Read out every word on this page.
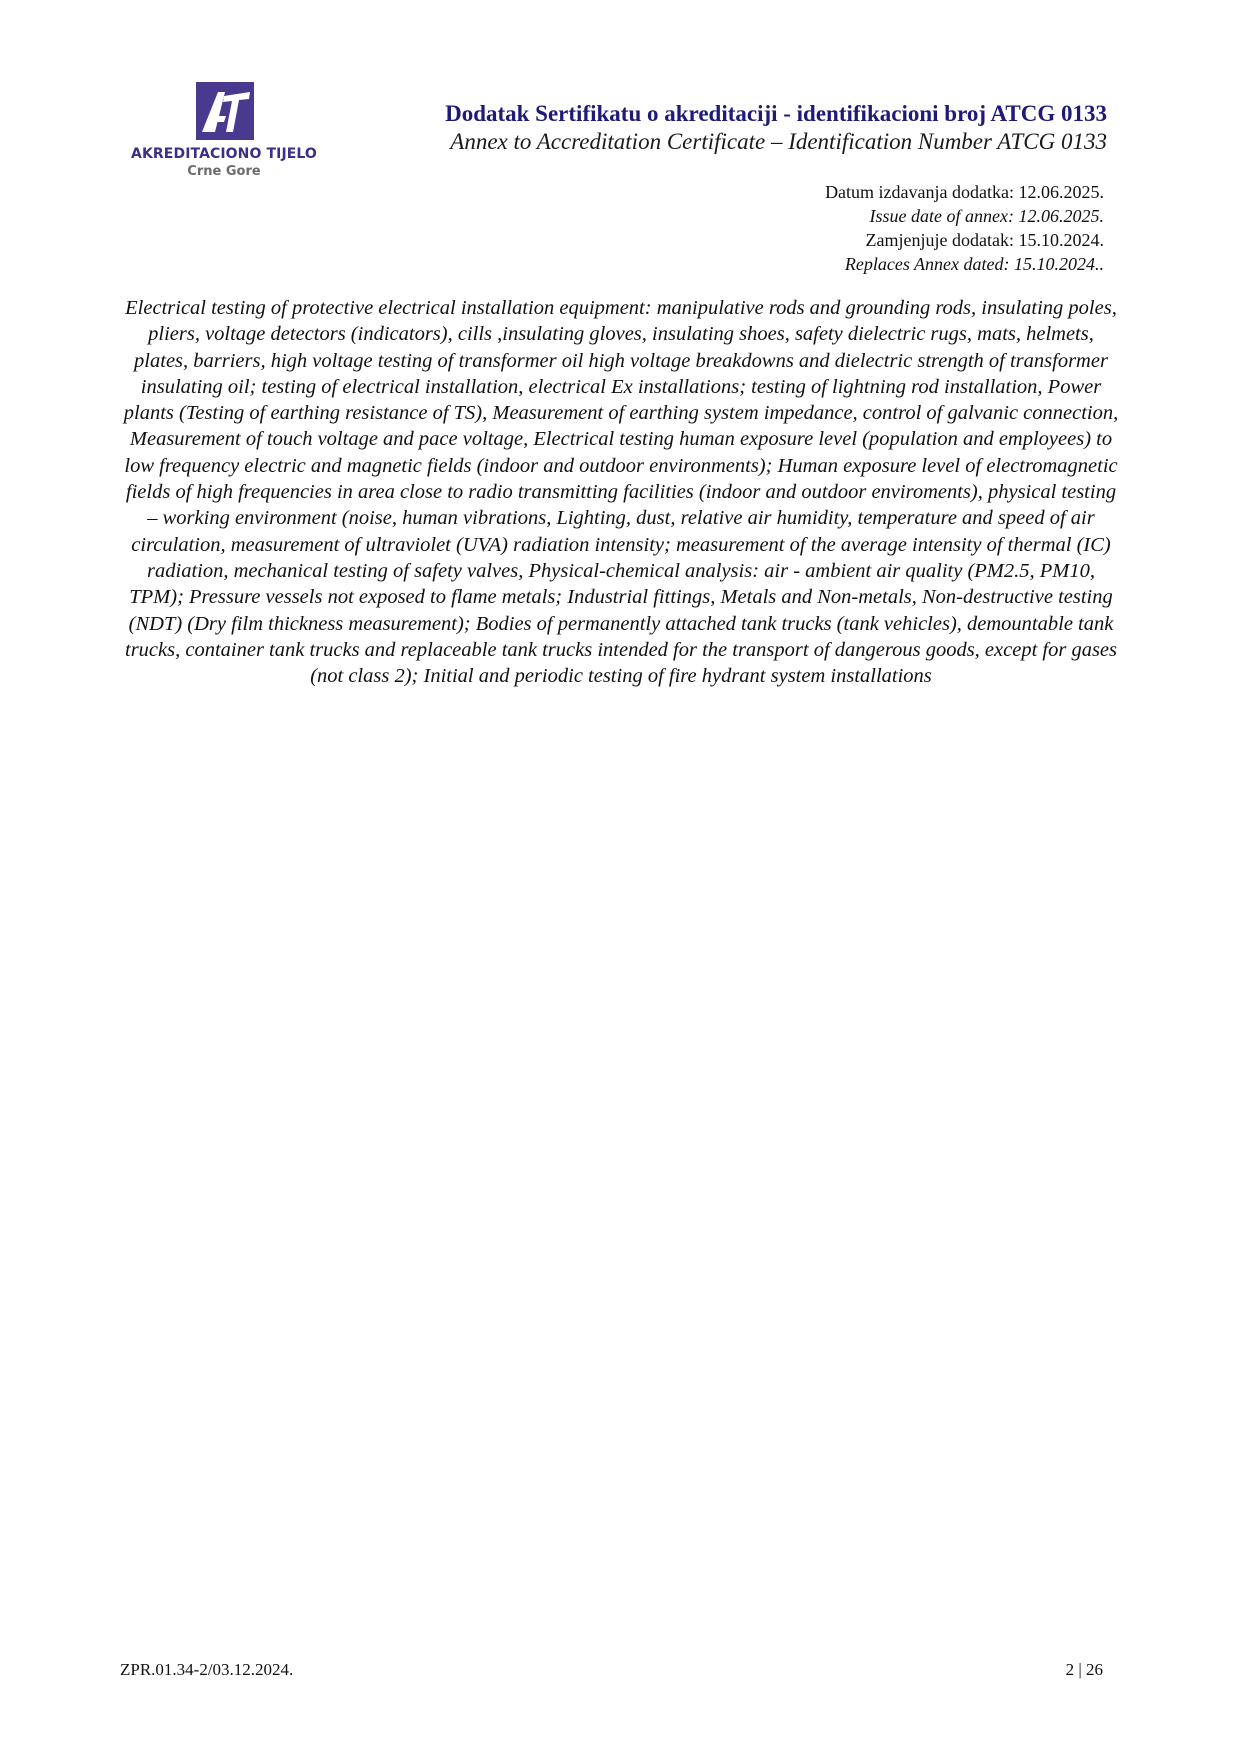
AKREDITACIONO TIJELO
Crne Gore
Dodatak Sertifikatu o akreditaciji - identifikacioni broj ATCG 0133
Annex to Accreditation Certificate – Identification Number ATCG 0133
Datum izdavanja dodatka: 12.06.2025.
Issue date of annex: 12.06.2025.
Zamjenjuje dodatak: 15.10.2024.
Replaces Annex dated: 15.10.2024..

Electrical testing of protective electrical installation equipment: manipulative rods and grounding rods, insulating poles, pliers, voltage detectors (indicators), cills ,insulating gloves, insulating shoes, safety dielectric rugs, mats, helmets, plates, barriers, high voltage testing of transformer oil high voltage breakdowns and dielectric strength of transformer insulating oil; testing of electrical installation, electrical Ex installations; testing of lightning rod installation, Power plants (Testing of earthing resistance of TS), Measurement of earthing system impedance, control of galvanic connection, Measurement of touch voltage and pace voltage, Electrical testing human exposure level (population and employees) to low frequency electric and magnetic fields (indoor and outdoor environments); Human exposure level of electromagnetic fields of high frequencies in area close to radio transmitting facilities (indoor and outdoor enviroments), physical testing – working environment (noise, human vibrations, Lighting, dust, relative air humidity, temperature and speed of air circulation, measurement of ultraviolet (UVA) radiation intensity; measurement of the average intensity of thermal (IC) radiation, mechanical testing of safety valves, Physical-chemical analysis: air - ambient air quality (PM2.5, PM10, TPM); Pressure vessels not exposed to flame metals; Industrial fittings, Metals and Non-metals, Non-destructive testing (NDT) (Dry film thickness measurement); Bodies of permanently attached tank trucks (tank vehicles), demountable tank trucks, container tank trucks and replaceable tank trucks intended for the transport of dangerous goods, except for gases (not class 2); Initial and periodic testing of fire hydrant system installations

ZPR.01.34-2/03.12.2024.	2 | 26
